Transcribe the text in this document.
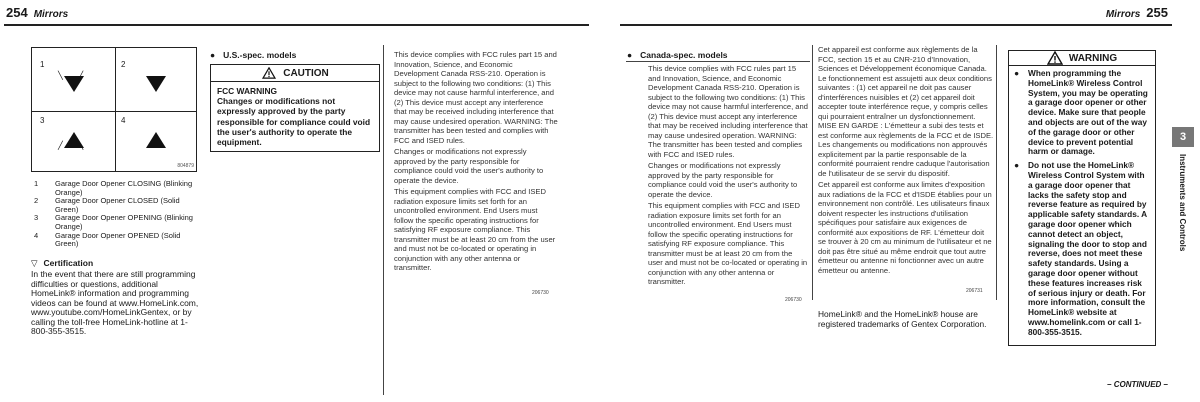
254 Mirrors	Mirrors 255
1	2
3	4
╲       ╱
╱       ╲
804879
1	Garage Door Opener CLOSING (Blinking Orange)
2	Garage Door Opener CLOSED (Solid Green)
3	Garage Door Opener OPENING (Blinking Orange)
4	Garage Door Opener OPENED (Solid Green)
▽ Certification
In the event that there are still programming difficulties or questions, additional HomeLink® information and programming videos can be found at www.HomeLink.com, www.youtube.com/HomeLinkGentex, or by calling the toll-free HomeLink-hotline at 1-800-355-3515.
● U.S.-spec. models
CAUTION
FCC WARNING
Changes or modifications not expressly approved by the party responsible for compliance could void the user's authority to operate the equipment.

This device complies with FCC rules part 15 and Innovation, Science, and Economic Development Canada RSS-210. Operation is subject to the following two conditions: (1) This device may not cause harmful interference, and (2) This device must accept any interference that may be received including interference that may cause undesired operation. WARNING: The transmitter has been tested and complies with FCC and ISED rules.

Changes or modifications not expressly approved by the party responsible for compliance could void the user's authority to operate the device.

This equipment complies with FCC and ISED radiation exposure limits set forth for an uncontrolled environment. End Users must follow the specific operating instructions for satisfying RF exposure compliance. This transmitter must be at least 20 cm from the user and must not be co-located or operating in conjunction with any other antenna or transmitter.

206730
● Canada-spec. models

This device complies with FCC rules part 15 and Innovation, Science, and Economic Development Canada RSS-210. Operation is subject to the following two conditions: (1) This device may not cause harmful interference, and (2) This device must accept any interference that may be received including interference that may cause undesired operation. WARNING: The transmitter has been tested and complies with FCC and ISED rules.

Changes or modifications not expressly approved by the party responsible for compliance could void the user's authority to operate the device.

This equipment complies with FCC and ISED radiation exposure limits set forth for an uncontrolled environment. End Users must follow the specific operating instructions for satisfying RF exposure compliance. This transmitter must be at least 20 cm from the user and must not be co-located or operating in conjunction with any other antenna or transmitter.

206730

Cet appareil est conforme aux règlements de la FCC, section 15 et au CNR-210 d'Innovation, Sciences et Développement économique Canada. Le fonctionnement est assujetti aux deux conditions suivantes : (1) cet appareil ne doit pas causer d'interférences nuisibles et (2) cet appareil doit accepter toute interférence reçue, y compris celles qui pourraient entraîner un dysfonctionnement. MISE EN GARDE : L'émetteur a subi des tests et est conforme aux règlements de la FCC et de ISDE. Les changements ou modifications non approuvés explicitement par la partie responsable de la conformité pourraient rendre caduque l'autorisation de l'utilisateur de se servir du dispositif.

Cet appareil est conforme aux limites d'exposition aux radiations de la FCC et d'ISDE établies pour un environnement non contrôlé. Les utilisateurs finaux doivent respecter les instructions d'utilisation spécifiques pour satisfaire aux exigences de conformité aux expositions de RF. L'émetteur doit se trouver à 20 cm au minimum de l'utilisateur et ne doit pas être situé au même endroit que tout autre émetteur ou antenne ni fonctionner avec un autre émetteur ou antenne.

206731
HomeLink® and the HomeLink® house are registered trademarks of Gentex Corporation.
WARNING
●	When programming the HomeLink® Wireless Control System, you may be operating a garage door opener or other device. Make sure that people and objects are out of the way of the garage door or other device to prevent potential harm or damage.
●	Do not use the HomeLink® Wireless Control System with a garage door opener that lacks the safety stop and reverse feature as required by applicable safety standards. A garage door opener which cannot detect an object, signaling the door to stop and reverse, does not meet these safety standards. Using a garage door opener without these features increases risk of serious injury or death. For more information, consult the HomeLink® website at www.homelink.com or call 1-800-355-3515.
3
Instruments and Controls
– CONTINUED –
